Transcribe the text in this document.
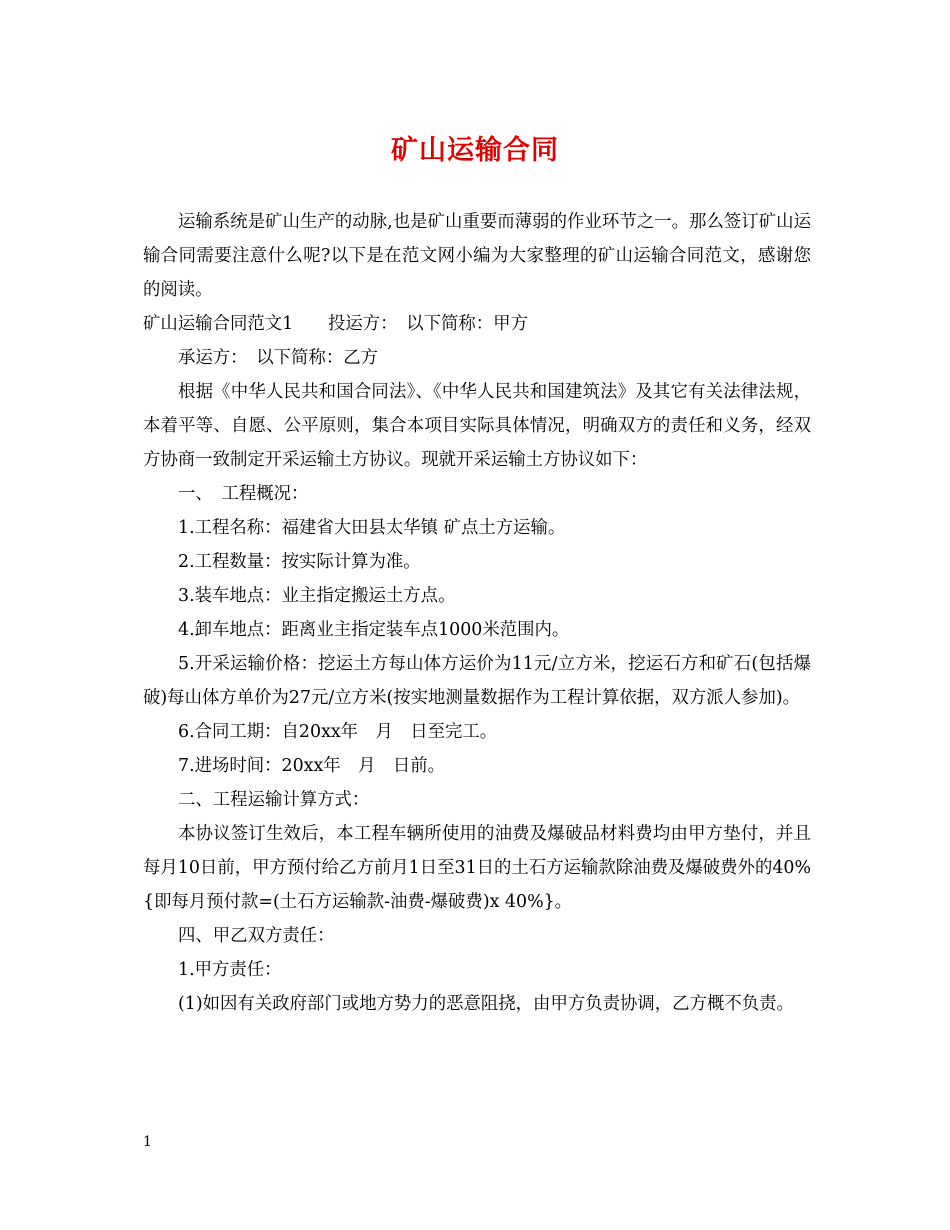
矿山运输合同

运输系统是矿山生产的动脉,也是矿山重要而薄弱的作业环节之一。那么签订矿山运输合同需要注意什么呢?以下是在范文网小编为大家整理的矿山运输合同范文，感谢您的阅读。

矿山运输合同范文1　　投运方：　以下简称：甲方

承运方：　以下简称：乙方

根据《中华人民共和国合同法》、《中华人民共和国建筑法》及其它有关法律法规，本着平等、自愿、公平原则，集合本项目实际具体情况，明确双方的责任和义务，经双方协商一致制定开采运输土方协议。现就开采运输土方协议如下：

一、　工程概况：

1.工程名称：福建省大田县太华镇 矿点土方运输。

2.工程数量：按实际计算为准。

3.装车地点：业主指定搬运土方点。

4.卸车地点：距离业主指定装车点1000米范围内。

5.开采运输价格：挖运土方每山体方运价为11元/立方米，挖运石方和矿石(包括爆破)每山体方单价为27元/立方米(按实地测量数据作为工程计算依据，双方派人参加)。

6.合同工期：自20xx年　月　日至完工。

7.进场时间：20xx年　月　日前。

二、工程运输计算方式：

本协议签订生效后，本工程车辆所使用的油费及爆破品材料费均由甲方垫付，并且每月10日前，甲方预付给乙方前月1日至31日的土石方运输款除油费及爆破费外的40%{即每月预付款=(土石方运输款-油费-爆破费)x 40%}。

四、甲乙双方责任：

1.甲方责任：

(1)如因有关政府部门或地方势力的恶意阻挠，由甲方负责协调，乙方概不负责。

1
